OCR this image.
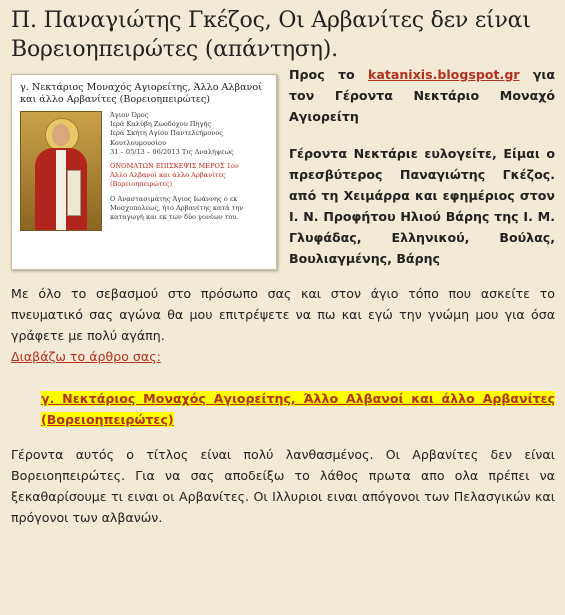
Π. Παναγιώτης Γκέζος, Οι Αρβανίτες δεν είναι Βορειοηπειρώτες (απάντηση).
γ. Νεκτάριος Μοναχός Αγιορείτης, Άλλο Αλβανοί και άλλο Αρβανίτες (Βορειοηπειρώτες)
Άγιον Όρος
Ιερά Καλύβη Ζωοδόχου Πηγής
Ιερά Σκήτη Αγίου Παντελεήμονος
Κουτλουμουσίου
31 – 05/13 – 06/2013 Τις Αναλήψεως
ΟΝΟΜΑΤΩΝ ΕΠΙΣΚΕΨΙΣ ΜΕΡΟΣ 1ον
Άλλο Αλβανοί και άλλο Αρβανίτες (Βορειοηπειρώτες)
Ο Αναστασιμάτης Άγιος Ιωάννης ο εκ Μοσχοπόλεως, ήτο Αρβανίτης κατά την καταγωγή και εκ των δύο γονέων του.

Προς το katanixis.blogspot.gr για τον Γέροντα Νεκτάριο Μοναχό Αγιορείτη

Γέροντα Νεκτάριε ευλογείτε, Είμαι ο πρεσβύτερος Παναγιώτης Γκέζος. από τη Χειμάρρα και εφημέριος στον Ι. Ν. Προφήτου Ηλιού Βάρης της Ι. Μ. Γλυφάδας, Ελληνικού, Βούλας, Βουλιαγμένης, Βάρης

Με όλο το σεβασμού στο πρόσωπο σας και στον άγιο τόπο που ασκείτε το πνευματικό σας αγώνα θα μου επιτρέψετε να πω και εγώ την γνώμη μου για όσα γράφετε με πολύ αγάπη.

Διαβάζω το άρθρο σας:
γ. Νεκτάριος Μοναχός Αγιορείτης, Άλλο Αλβανοί και άλλο Αρβανίτες (Βορειοηπειρώτες)

Γέροντα αυτός ο τίτλος είναι πολύ λανθασμένος. Οι Αρβανίτες δεν είναι Βορειοηπειρώτες. Για να σας αποδείξω το λάθος πρωτα απο ολα πρέπει να ξεκαθαρίσουμε τι ειναι οι Αρβανίτες. Οι Ιλλυριοι ειναι απόγονοι των Πελασγικών και πρόγονοι των αλβανών.
